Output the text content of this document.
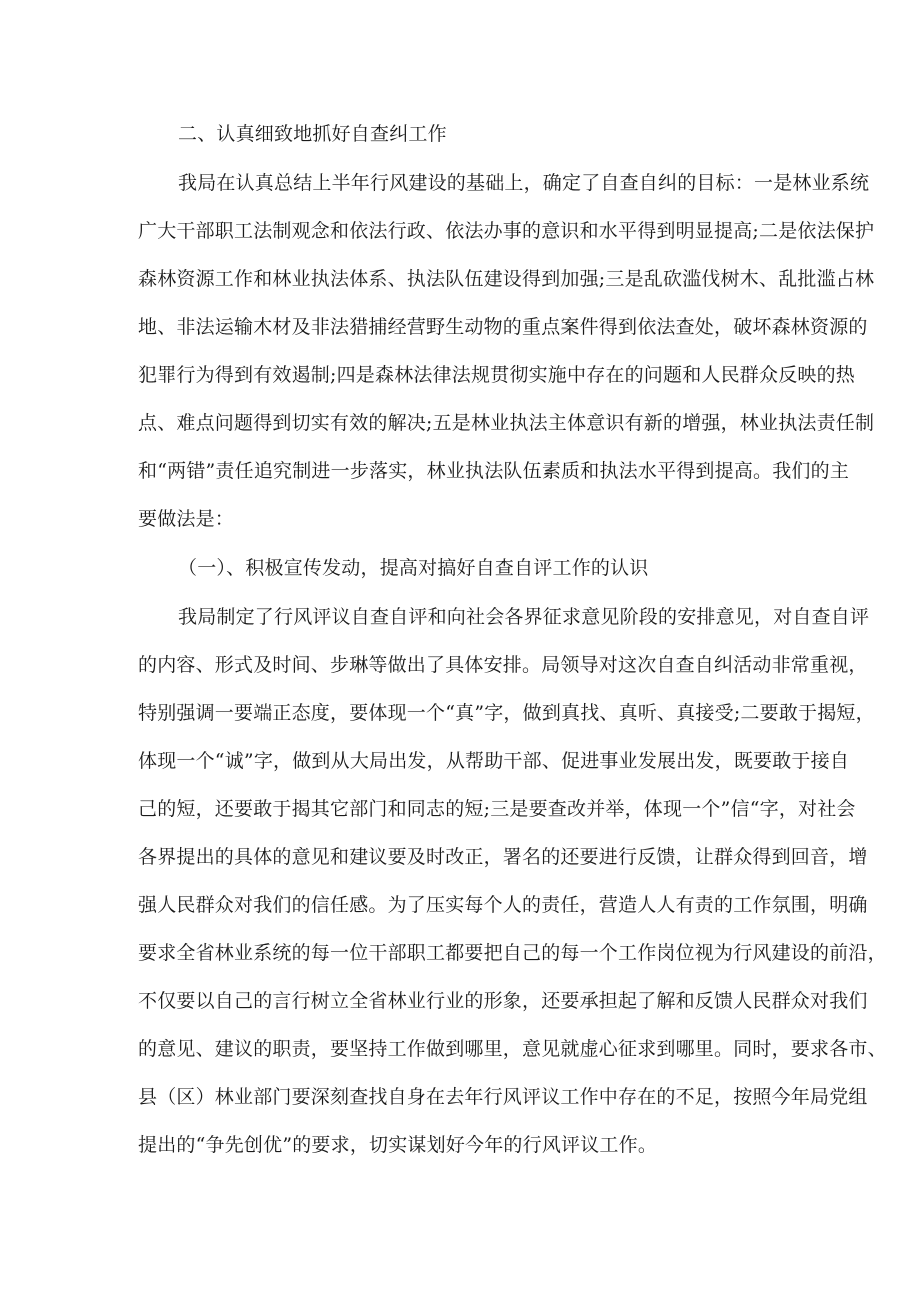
二、认真细致地抓好自查纠工作
我局在认真总结上半年行风建设的基础上，确定了自查自纠的目标：一是林业系统
广大干部职工法制观念和依法行政、依法办事的意识和水平得到明显提高;二是依法保护
森林资源工作和林业执法体系、执法队伍建设得到加强;三是乱砍滥伐树木、乱批滥占林
地、非法运输木材及非法猎捕经营野生动物的重点案件得到依法查处，破坏森林资源的
犯罪行为得到有效遏制;四是森林法律法规贯彻实施中存在的问题和人民群众反映的热
点、难点问题得到切实有效的解决;五是林业执法主体意识有新的增强，林业执法责任制
和“两错”责任追究制进一步落实，林业执法队伍素质和执法水平得到提高。我们的主
要做法是：
（一）、积极宣传发动，提高对搞好自查自评工作的认识
我局制定了行风评议自查自评和向社会各界征求意见阶段的安排意见，对自查自评
的内容、形式及时间、步琳等做出了具体安排。局领导对这次自查自纠活动非常重视，
特别强调一要端正态度，要体现一个“真”字，做到真找、真听、真接受;二要敢于揭短，
体现一个“诚”字，做到从大局出发，从帮助干部、促进事业发展出发，既要敢于接自
己的短，还要敢于揭其它部门和同志的短;三是要查改并举，体现一个”信“字，对社会
各界提出的具体的意见和建议要及时改正，署名的还要进行反馈，让群众得到回音，增
强人民群众对我们的信任感。为了压实每个人的责任，营造人人有责的工作氛围，明确
要求全省林业系统的每一位干部职工都要把自己的每一个工作岗位视为行风建设的前沿，
不仅要以自己的言行树立全省林业行业的形象，还要承担起了解和反馈人民群众对我们
的意见、建议的职责，要坚持工作做到哪里，意见就虚心征求到哪里。同时，要求各市、
县（区）林业部门要深刻查找自身在去年行风评议工作中存在的不足，按照今年局党组
提出的“争先创优”的要求，切实谋划好今年的行风评议工作。
